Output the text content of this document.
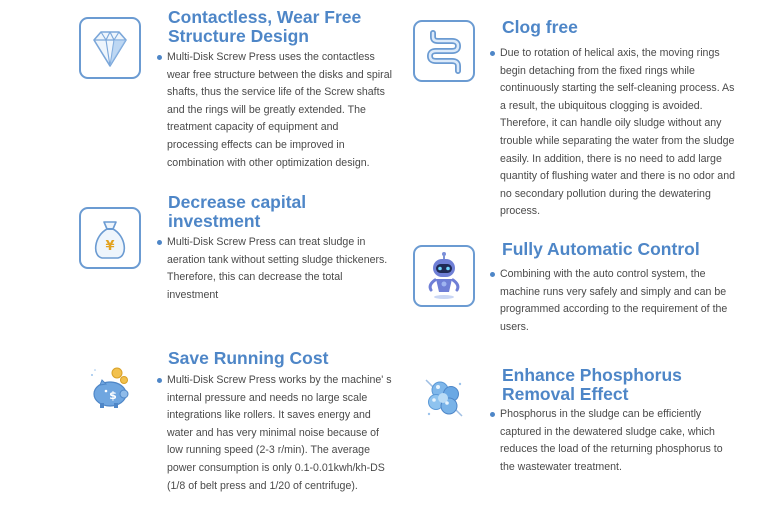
Contactless, Wear Free
Structure Design

Multi-Disk Screw Press uses the contactless wear free structure between the disks and spiral shafts, thus the service life of the Screw shafts and the rings will be greatly extended. The treatment capacity of equipment and processing effects can be improved in combination with other optimization design.

¥
Decrease capital
investment

Multi-Disk Screw Press can treat sludge in aeration tank without setting sludge thickeners. Therefore, this can decrease the total investment

$
Save Running Cost

Multi-Disk Screw Press works by the machine' s internal pressure and needs no large scale integrations like rollers. It saves energy and water and has very minimal noise because of low running speed (2-3 r/min). The average power consumption is only 0.1-0.01kwh/kh-DS (1/8 of belt press and 1/20 of centrifuge).

Clog free

Due to rotation of helical axis, the moving rings begin detaching from the fixed rings while continuously starting the self-cleaning process. As a result, the ubiquitous clogging is avoided. Therefore, it can handle oily sludge without any trouble while separating the water from the sludge easily. In addition, there is no need to add large quantity of flushing water and there is no odor and no secondary pollution during the dewatering process.

Fully Automatic Control

Combining with the auto control system, the machine runs very safely and simply and can be programmed according to the requirement of the users.

Enhance Phosphorus
Removal Effect

Phosphorus in the sludge can be efficiently captured in the dewatered sludge cake, which reduces the load of the returning phosphorus to the wastewater treatment.
